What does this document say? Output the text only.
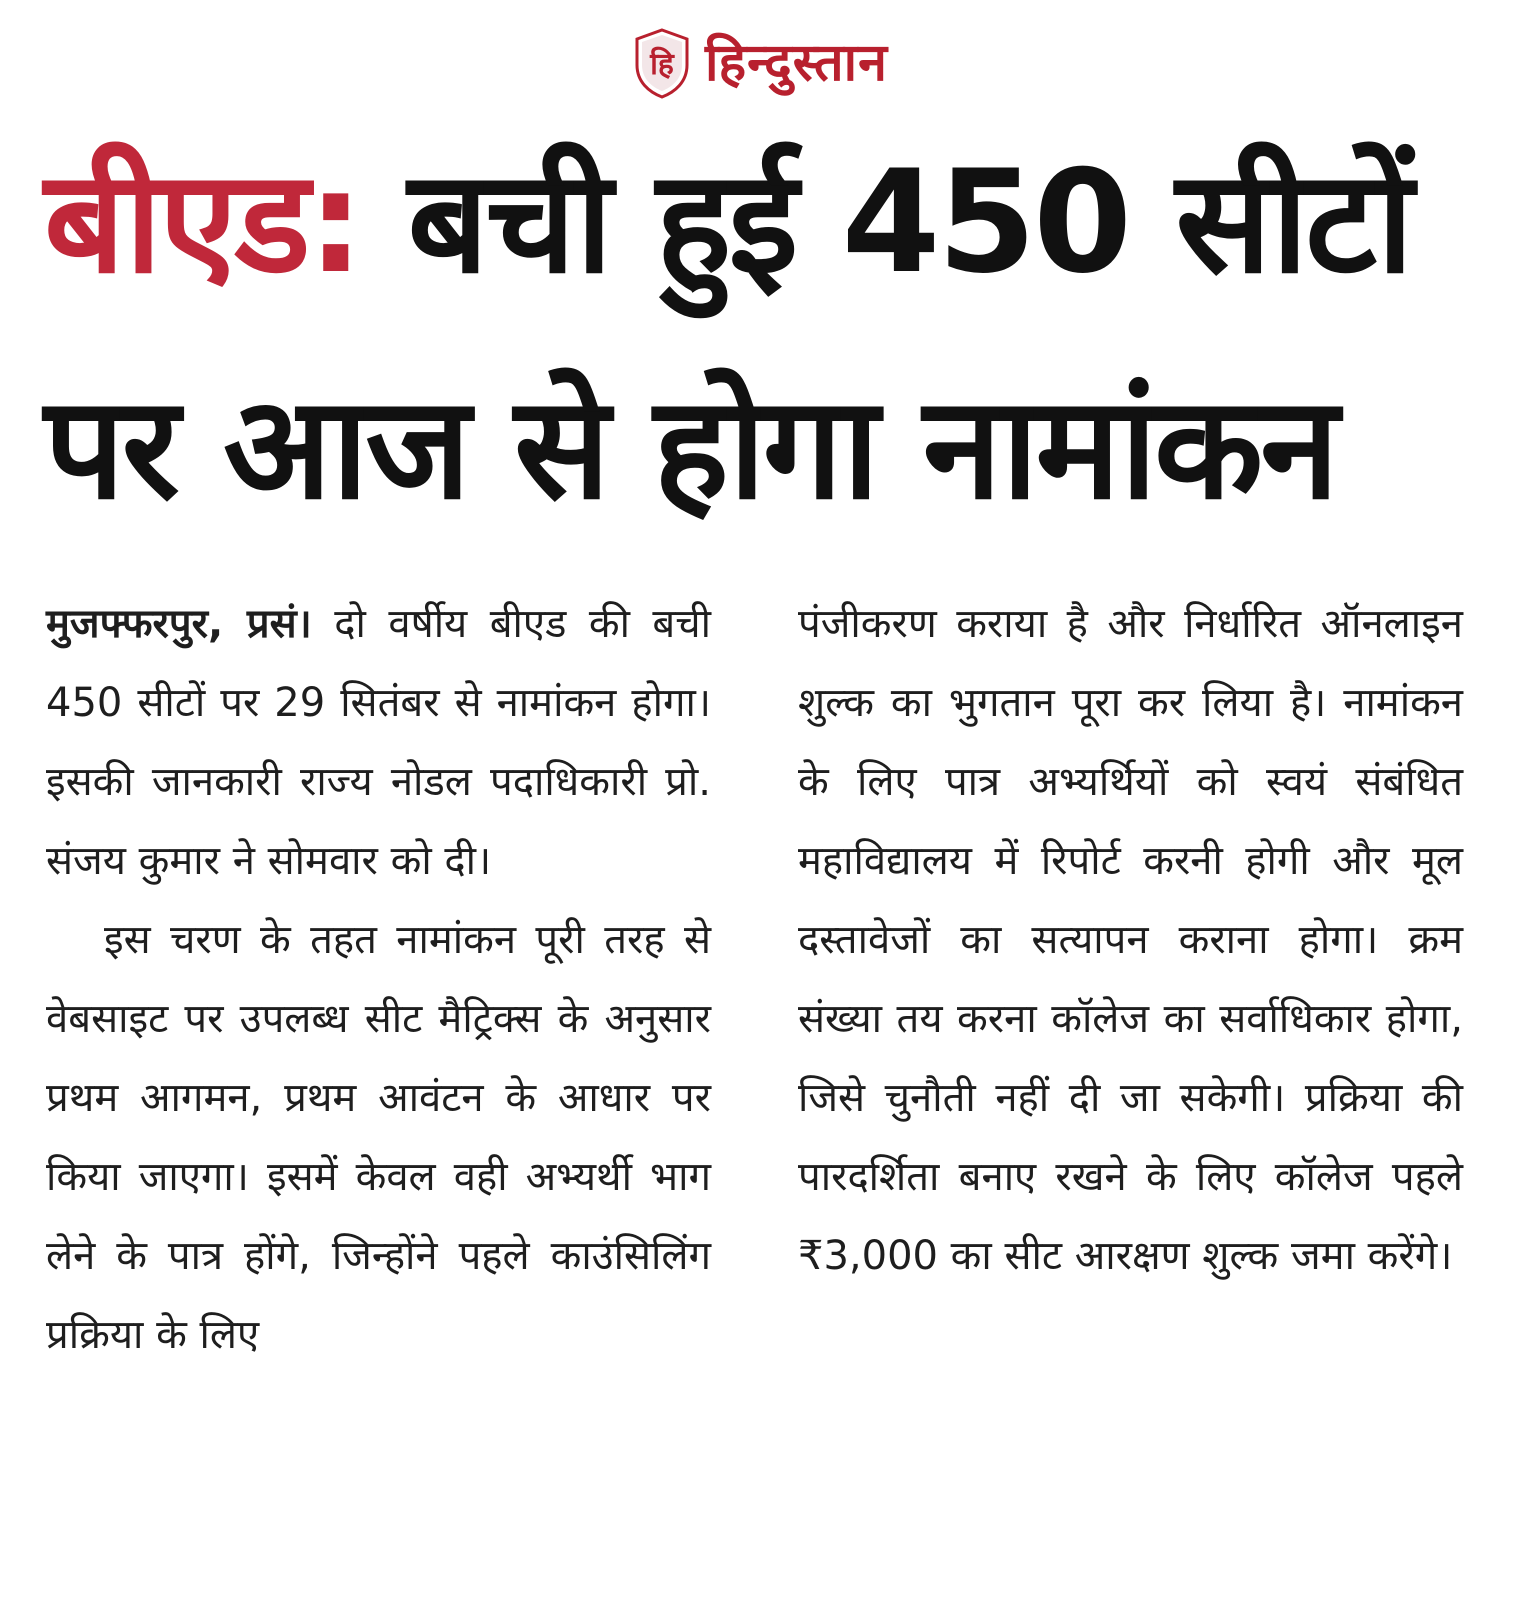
हि हिन्दुस्तान
बीएड: बची हुई 450 सीटों
पर आज से होगा नामांकन

मुजफ्फरपुर, प्रसं। दो वर्षीय बीएड की बची 450 सीटों पर 29 सितंबर से नामांकन होगा। इसकी जानकारी राज्य नोडल पदाधिकारी प्रो. संजय कुमार ने सोमवार को दी।

इस चरण के तहत नामांकन पूरी तरह से वेबसाइट पर उपलब्ध सीट मैट्रिक्स के अनुसार प्रथम आगमन, प्रथम आवंटन के आधार पर किया जाएगा। इसमें केवल वही अभ्यर्थी भाग लेने के पात्र होंगे, जिन्होंने पहले काउंसिलिंग प्रक्रिया के लिए

पंजीकरण कराया है और निर्धारित ऑनलाइन शुल्क का भुगतान पूरा कर लिया है। नामांकन के लिए पात्र अभ्यर्थियों को स्वयं संबंधित महाविद्यालय में रिपोर्ट करनी होगी और मूल दस्तावेजों का सत्यापन कराना होगा। क्रम संख्या तय करना कॉलेज का सर्वाधिकार होगा, जिसे चुनौती नहीं दी जा सकेगी। प्रक्रिया की पारदर्शिता बनाए रखने के लिए कॉलेज पहले ₹3,000 का सीट आरक्षण शुल्क जमा करेंगे।
